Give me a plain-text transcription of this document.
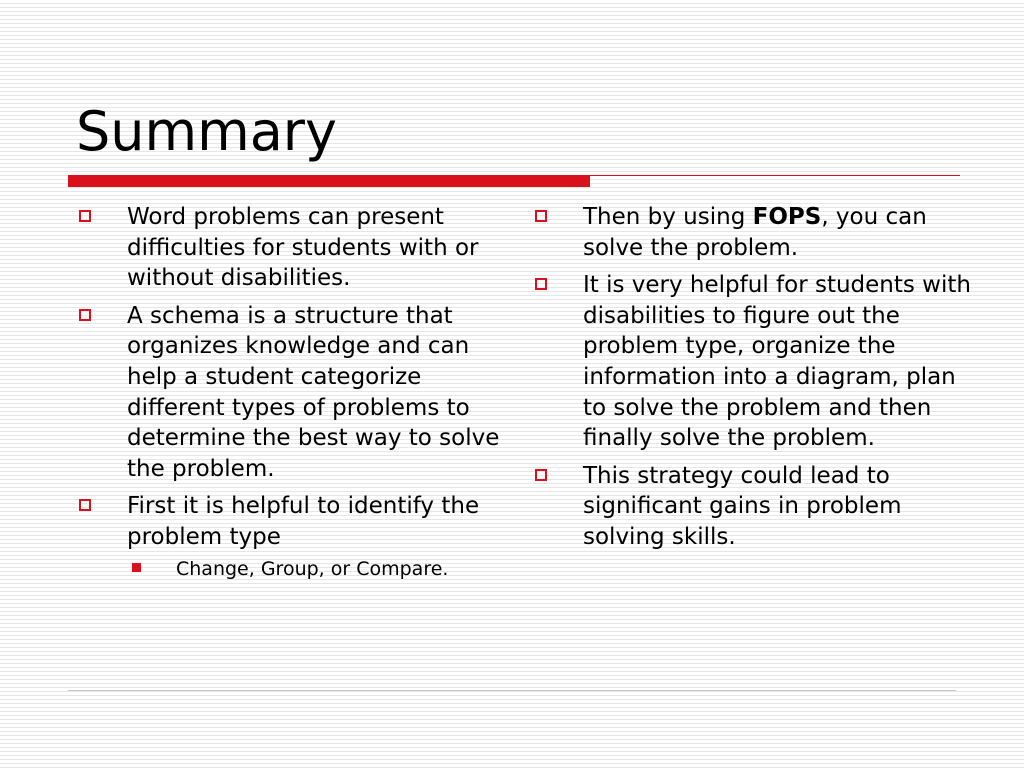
Summary
Word problems can present difficulties for students with or without disabilities.
A schema is a structure that organizes knowledge and can help a student categorize different types of problems to determine the best way to solve the problem.
First it is helpful to identify the problem type
Change, Group, or Compare.
Then by using FOPS, you can solve the problem.
It is very helpful for students with disabilities to figure out the problem type, organize the information into a diagram, plan to solve the problem and then finally solve the problem.
This strategy could lead to significant gains in problem solving skills.
